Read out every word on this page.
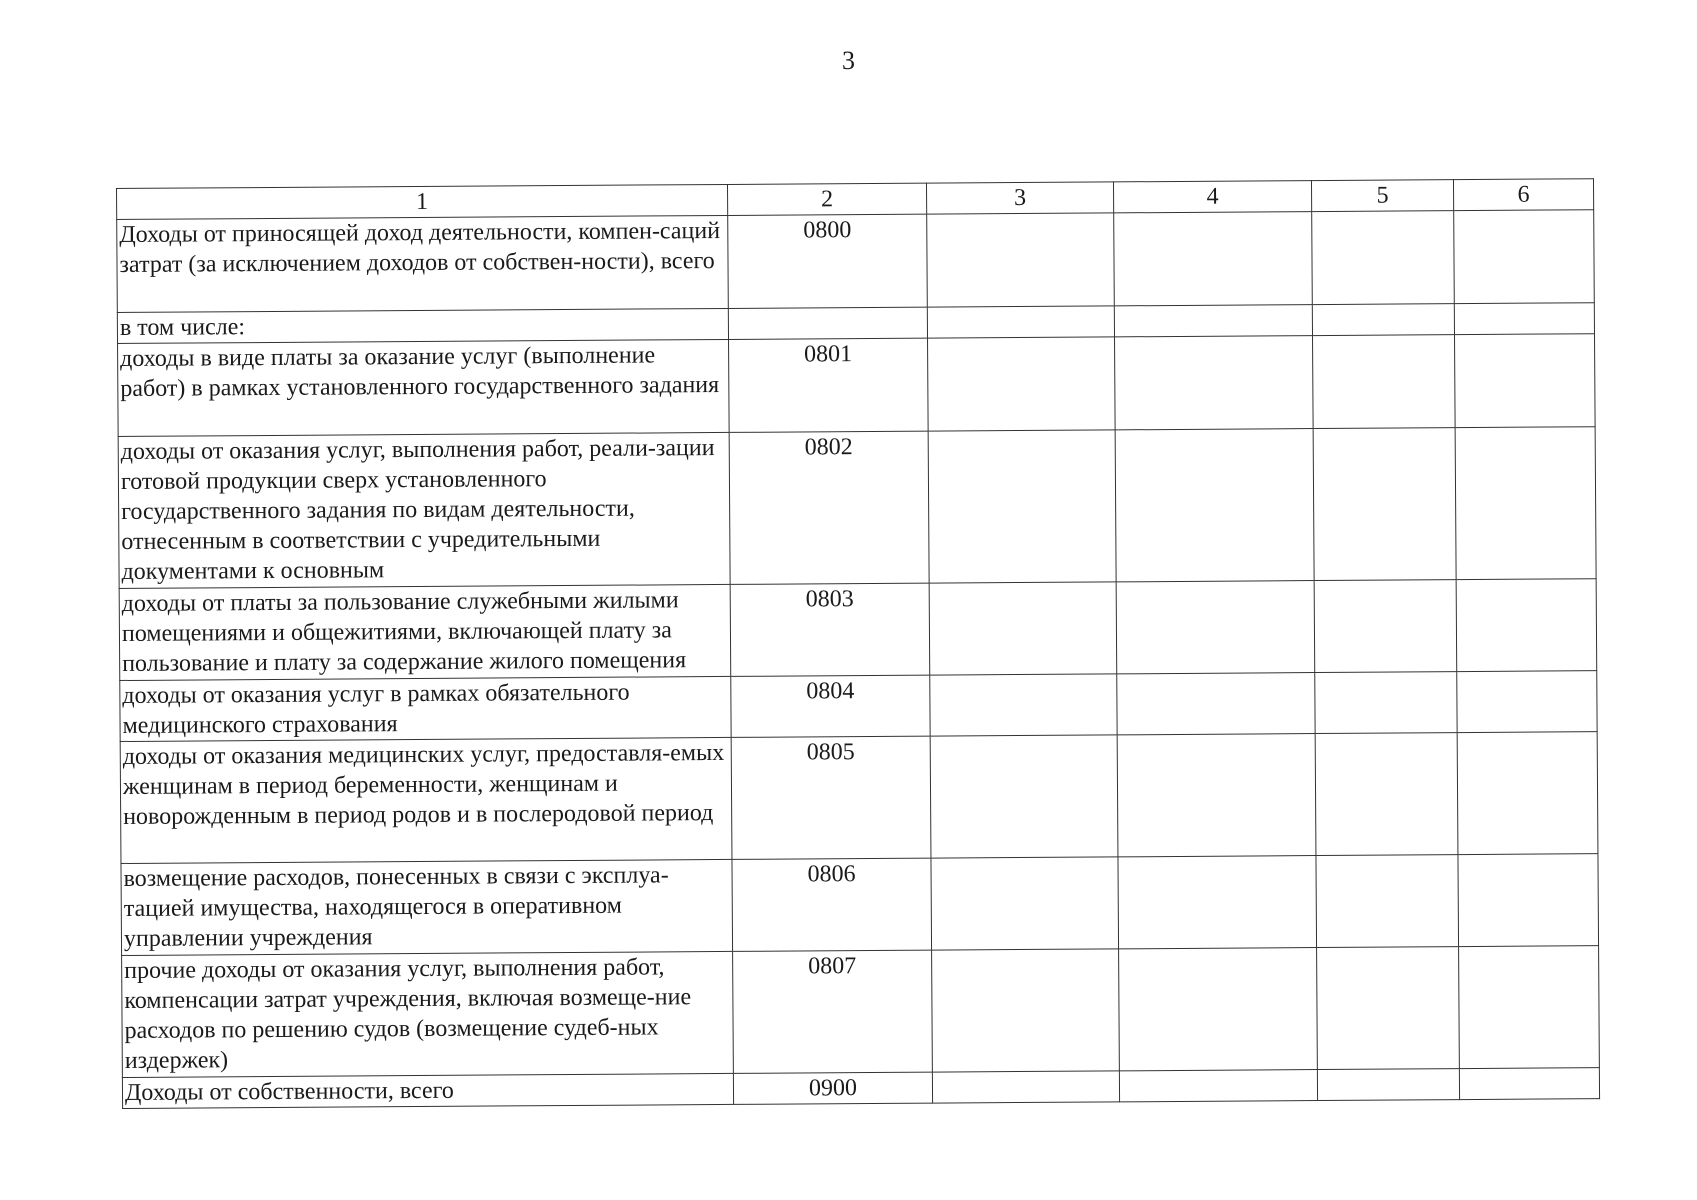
3
1	2	3	4	5	6
Доходы от приносящей доход деятельности, компен-саций затрат (за исключением доходов от собствен-ности), всего	0800				
в том числе:					
доходы в виде платы за оказание услуг (выполнение работ) в рамках установленного государственного задания	0801				
доходы от оказания услуг, выполнения работ, реали-зации готовой продукции сверх установленного государственного задания по видам деятельности, отнесенным в соответствии с учредительными документами к основным	0802				
доходы от платы за пользование служебными жилыми помещениями и общежитиями, включающей плату за пользование и плату за содержание жилого помещения	0803				
доходы от оказания услуг в рамках обязательного медицинского страхования	0804				
доходы от оказания медицинских услуг, предоставля-емых женщинам в период беременности, женщинам и новорожденным в период родов и в послеродовой период	0805				
возмещение расходов, понесенных в связи с эксплуа-тацией имущества, находящегося в оперативном управлении учреждения	0806				
прочие доходы от оказания услуг, выполнения работ, компенсации затрат учреждения, включая возмеще-ние расходов по решению судов (возмещение судеб-ных издержек)	0807				
Доходы от собственности, всего	0900				
